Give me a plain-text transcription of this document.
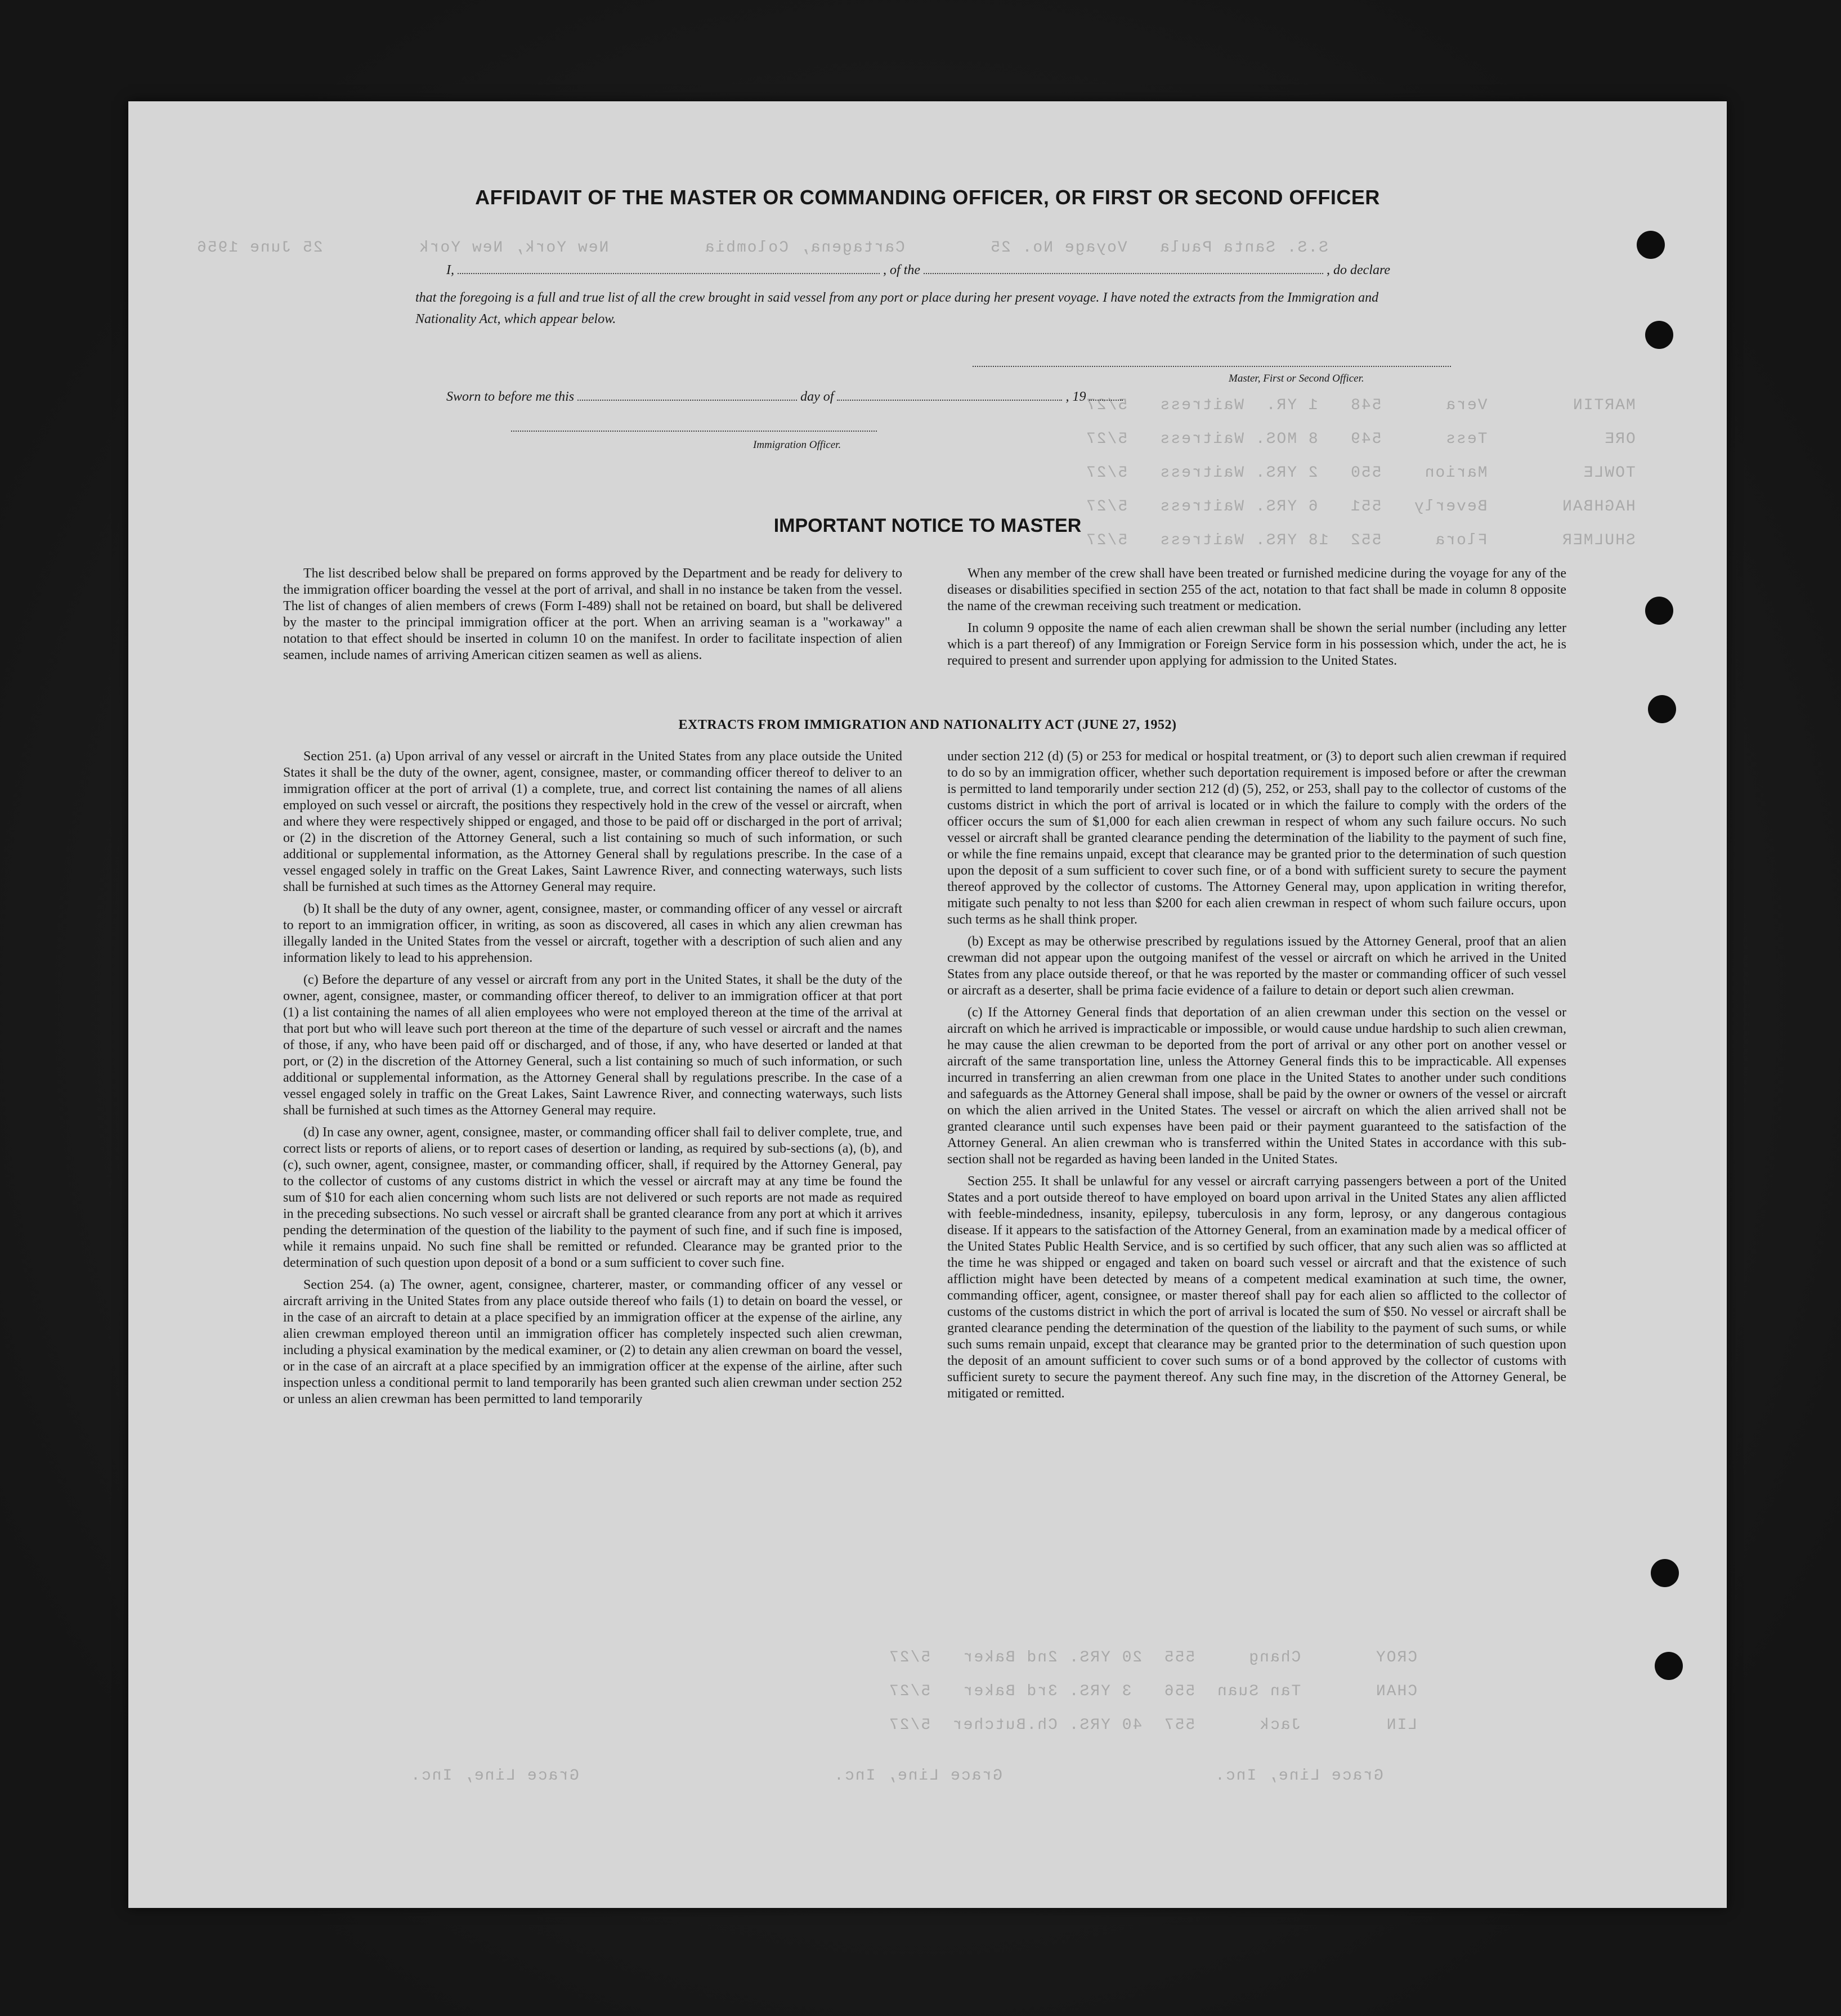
S.S. Santa Paula   Voyage No. 25        Cartagena, Colombia         New York, New York         25 June 1956
MARTIN        Vera      548   1 YR.  Waitress   5/27
ORE           Tess      549   8 MOS. Waitress   5/27
TOWLE         Marion    550   2 YRS. Waitress   5/27
HAGHBAN       Beverly   551   6 YRS. Waitress   5/27
SHULMER       Flora     552  18 YRS. Waitress   5/27
CROY       Chang     555  20 YRS. 2nd Baker   5/27
CHAN       Tan Suan  556   3 YRS. 3rd Baker   5/27
LIN        Jack      557  40 YRS. Ch.Butcher  5/27
Grace Line, Inc.                    Grace Line, Inc.                        Grace Line, Inc.
AFFIDAVIT OF THE MASTER OR COMMANDING OFFICER, OR FIRST OR SECOND OFFICER
I,	, of the	, do declare
that the foregoing is a full and true list of all the crew brought in said vessel from any port or place during her present voyage. I have noted the extracts from the Immigration and Nationality Act, which appear below.
Master, First or Second Officer.
Sworn to before me this	day of	, 19
Immigration Officer.
IMPORTANT NOTICE TO MASTER

The list described below shall be prepared on forms approved by the Department and be ready for delivery to the immigration officer boarding the vessel at the port of arrival, and shall in no instance be taken from the vessel. The list of changes of alien members of crews (Form I-489) shall not be retained on board, but shall be delivered by the master to the principal immigration officer at the port. When an arriving seaman is a "workaway" a notation to that effect should be inserted in column 10 on the manifest. In order to facilitate inspection of alien seamen, include names of arriving American citizen seamen as well as aliens.

When any member of the crew shall have been treated or furnished medicine during the voyage for any of the diseases or disabilities specified in section 255 of the act, notation to that fact shall be made in column 8 opposite the name of the crewman receiving such treatment or medication.

In column 9 opposite the name of each alien crewman shall be shown the serial number (including any letter which is a part thereof) of any Immigration or Foreign Service form in his possession which, under the act, he is required to present and surrender upon applying for admission to the United States.

EXTRACTS FROM IMMIGRATION AND NATIONALITY ACT (JUNE 27, 1952)

Section 251. (a) Upon arrival of any vessel or aircraft in the United States from any place outside the United States it shall be the duty of the owner, agent, consignee, master, or commanding officer thereof to deliver to an immigration officer at the port of arrival (1) a complete, true, and correct list containing the names of all aliens employed on such vessel or aircraft, the positions they respectively hold in the crew of the vessel or aircraft, when and where they were respectively shipped or engaged, and those to be paid off or discharged in the port of arrival; or (2) in the discretion of the Attorney General, such a list containing so much of such information, or such additional or supplemental information, as the Attorney General shall by regulations prescribe. In the case of a vessel engaged solely in traffic on the Great Lakes, Saint Lawrence River, and connecting waterways, such lists shall be furnished at such times as the Attorney General may require.

(b) It shall be the duty of any owner, agent, consignee, master, or commanding officer of any vessel or aircraft to report to an immigration officer, in writing, as soon as discovered, all cases in which any alien crewman has illegally landed in the United States from the vessel or aircraft, together with a description of such alien and any information likely to lead to his apprehension.

(c) Before the departure of any vessel or aircraft from any port in the United States, it shall be the duty of the owner, agent, consignee, master, or commanding officer thereof, to deliver to an immigration officer at that port (1) a list containing the names of all alien employees who were not employed thereon at the time of the arrival at that port but who will leave such port thereon at the time of the departure of such vessel or aircraft and the names of those, if any, who have been paid off or discharged, and of those, if any, who have deserted or landed at that port, or (2) in the discretion of the Attorney General, such a list containing so much of such information, or such additional or supplemental information, as the Attorney General shall by regulations prescribe. In the case of a vessel engaged solely in traffic on the Great Lakes, Saint Lawrence River, and connecting waterways, such lists shall be furnished at such times as the Attorney General may require.

(d) In case any owner, agent, consignee, master, or commanding officer shall fail to deliver complete, true, and correct lists or reports of aliens, or to report cases of desertion or landing, as required by sub-sections (a), (b), and (c), such owner, agent, consignee, master, or commanding officer, shall, if required by the Attorney General, pay to the collector of customs of any customs district in which the vessel or aircraft may at any time be found the sum of $10 for each alien concerning whom such lists are not delivered or such reports are not made as required in the preceding subsections. No such vessel or aircraft shall be granted clearance from any port at which it arrives pending the determination of the question of the liability to the payment of such fine, and if such fine is imposed, while it remains unpaid. No such fine shall be remitted or refunded. Clearance may be granted prior to the determination of such question upon deposit of a bond or a sum sufficient to cover such fine.

Section 254. (a) The owner, agent, consignee, charterer, master, or commanding officer of any vessel or aircraft arriving in the United States from any place outside thereof who fails (1) to detain on board the vessel, or in the case of an aircraft to detain at a place specified by an immigration officer at the expense of the airline, any alien crewman employed thereon until an immigration officer has completely inspected such alien crewman, including a physical examination by the medical examiner, or (2) to detain any alien crewman on board the vessel, or in the case of an aircraft at a place specified by an immigration officer at the expense of the airline, after such inspection unless a conditional permit to land temporarily has been granted such alien crewman under section 252 or unless an alien crewman has been permitted to land temporarily

under section 212 (d) (5) or 253 for medical or hospital treatment, or (3) to deport such alien crewman if required to do so by an immigration officer, whether such deportation requirement is imposed before or after the crewman is permitted to land temporarily under section 212 (d) (5), 252, or 253, shall pay to the collector of customs of the customs district in which the port of arrival is located or in which the failure to comply with the orders of the officer occurs the sum of $1,000 for each alien crewman in respect of whom any such failure occurs. No such vessel or aircraft shall be granted clearance pending the determination of the liability to the payment of such fine, or while the fine remains unpaid, except that clearance may be granted prior to the determination of such question upon the deposit of a sum sufficient to cover such fine, or of a bond with sufficient surety to secure the payment thereof approved by the collector of customs. The Attorney General may, upon application in writing therefor, mitigate such penalty to not less than $200 for each alien crewman in respect of whom such failure occurs, upon such terms as he shall think proper.

(b) Except as may be otherwise prescribed by regulations issued by the Attorney General, proof that an alien crewman did not appear upon the outgoing manifest of the vessel or aircraft on which he arrived in the United States from any place outside thereof, or that he was reported by the master or commanding officer of such vessel or aircraft as a deserter, shall be prima facie evidence of a failure to detain or deport such alien crewman.

(c) If the Attorney General finds that deportation of an alien crewman under this section on the vessel or aircraft on which he arrived is impracticable or impossible, or would cause undue hardship to such alien crewman, he may cause the alien crewman to be deported from the port of arrival or any other port on another vessel or aircraft of the same transportation line, unless the Attorney General finds this to be impracticable. All expenses incurred in transferring an alien crewman from one place in the United States to another under such conditions and safeguards as the Attorney General shall impose, shall be paid by the owner or owners of the vessel or aircraft on which the alien arrived in the United States. The vessel or aircraft on which the alien arrived shall not be granted clearance until such expenses have been paid or their payment guaranteed to the satisfaction of the Attorney General. An alien crewman who is transferred within the United States in accordance with this sub-section shall not be regarded as having been landed in the United States.

Section 255. It shall be unlawful for any vessel or aircraft carrying passengers between a port of the United States and a port outside thereof to have employed on board upon arrival in the United States any alien afflicted with feeble-mindedness, insanity, epilepsy, tuberculosis in any form, leprosy, or any dangerous contagious disease. If it appears to the satisfaction of the Attorney General, from an examination made by a medical officer of the United States Public Health Service, and is so certified by such officer, that any such alien was so afflicted at the time he was shipped or engaged and taken on board such vessel or aircraft and that the existence of such affliction might have been detected by means of a competent medical examination at such time, the owner, commanding officer, agent, consignee, or master thereof shall pay for each alien so afflicted to the collector of customs of the customs district in which the port of arrival is located the sum of $50. No vessel or aircraft shall be granted clearance pending the determination of the question of the liability to the payment of such sums, or while such sums remain unpaid, except that clearance may be granted prior to the determination of such question upon the deposit of an amount sufficient to cover such sums or of a bond approved by the collector of customs with sufficient surety to secure the payment thereof. Any such fine may, in the discretion of the Attorney General, be mitigated or remitted.
